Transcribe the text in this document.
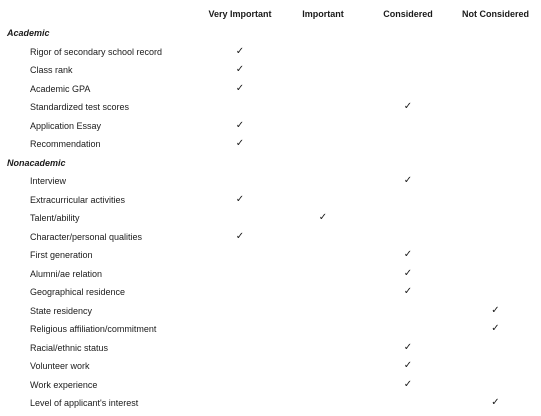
	Very Important	Important	Considered	Not Considered
Academic				
Rigor of secondary school record	✓			
Class rank	✓			
Academic GPA	✓			
Standardized test scores			✓	
Application Essay	✓			
Recommendation	✓			
Nonacademic				
Interview			✓	
Extracurricular activities	✓			
Talent/ability		✓		
Character/personal qualities	✓			
First generation			✓	
Alumni/ae relation			✓	
Geographical residence			✓	
State residency				✓
Religious affiliation/commitment				✓
Racial/ethnic status			✓	
Volunteer work			✓	
Work experience			✓	
Level of applicant's interest				✓
